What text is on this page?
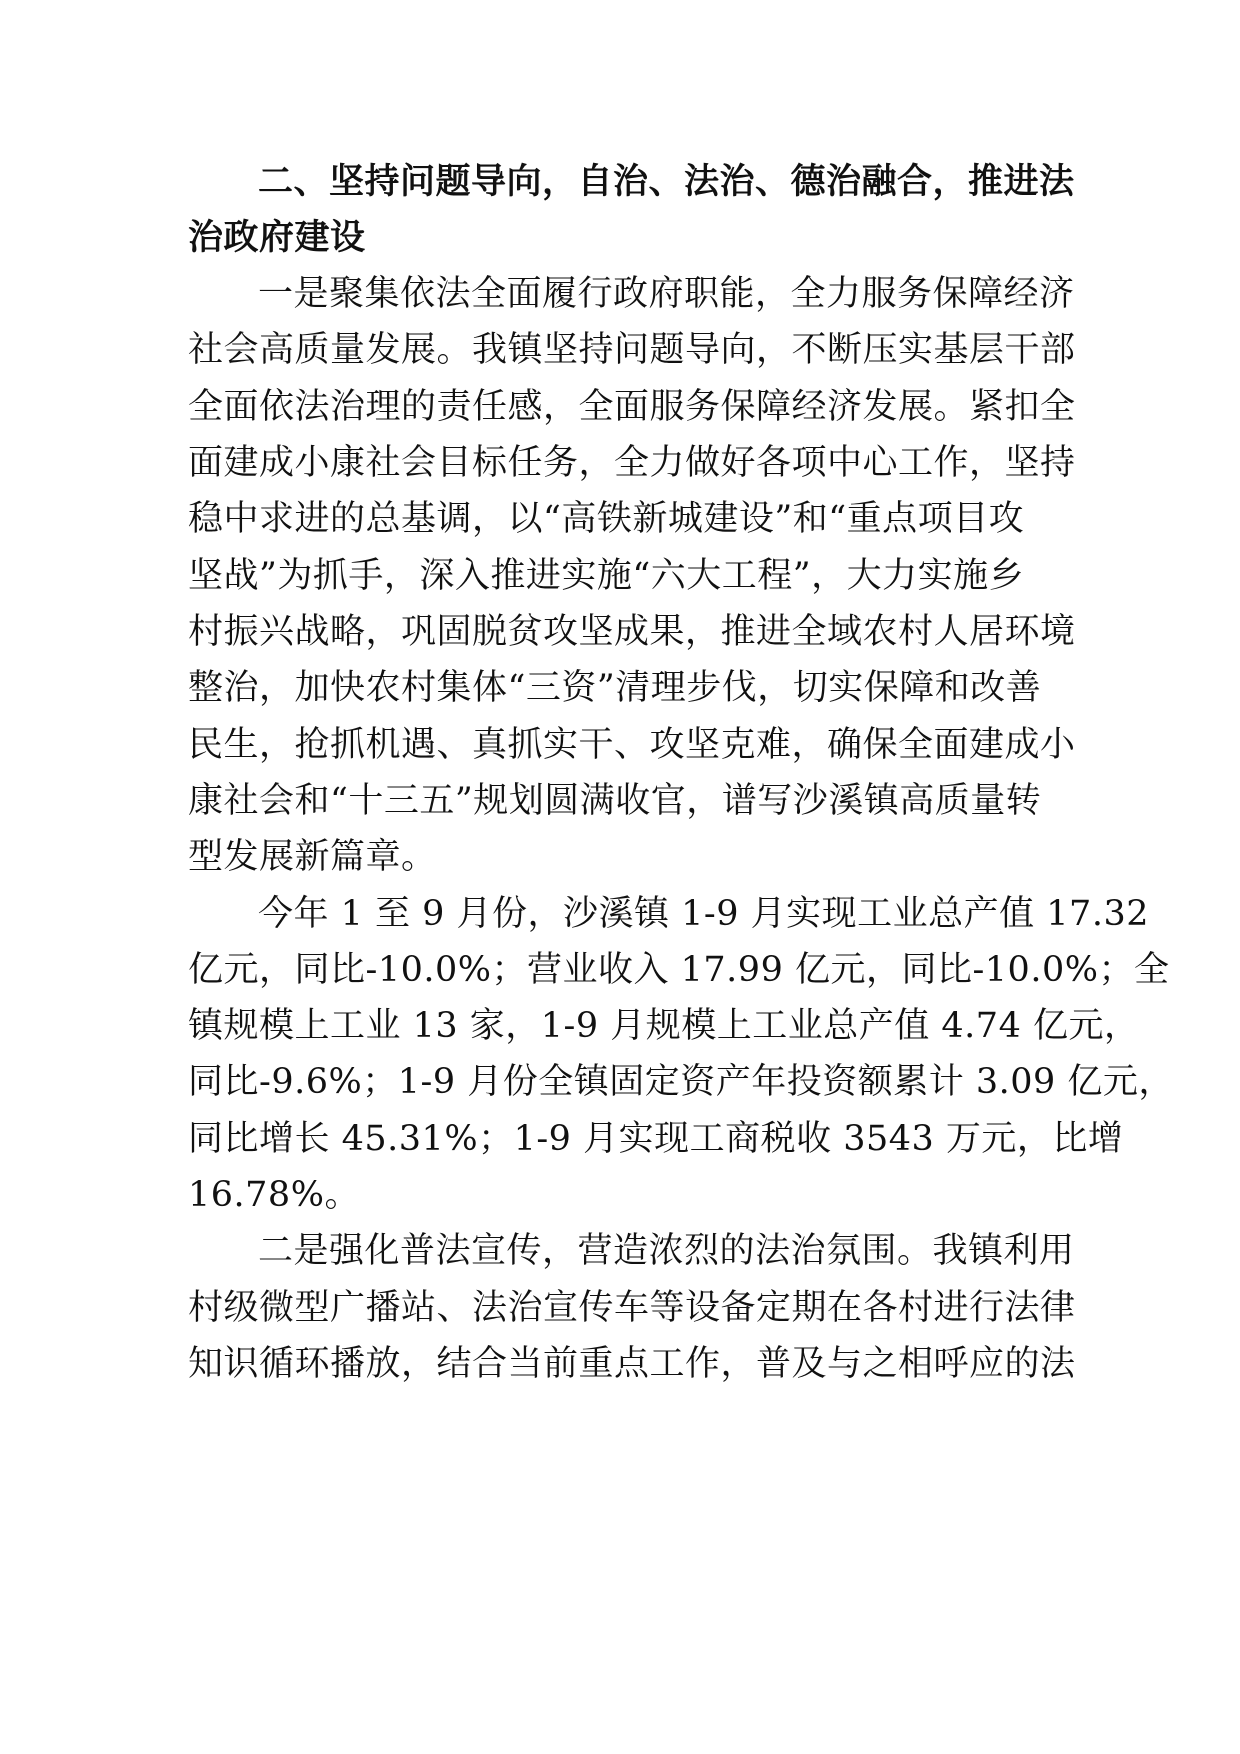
二、坚持问题导向，自治、法治、德治融合，推进法
治政府建设
一是聚集依法全面履行政府职能，全力服务保障经济
社会高质量发展。我镇坚持问题导向，不断压实基层干部
全面依法治理的责任感，全面服务保障经济发展。紧扣全
面建成小康社会目标任务，全力做好各项中心工作，坚持
稳中求进的总基调，以“高铁新城建设”和“重点项目攻
坚战”为抓手，深入推进实施“六大工程”，大力实施乡
村振兴战略，巩固脱贫攻坚成果，推进全域农村人居环境
整治，加快农村集体“三资”清理步伐，切实保障和改善
民生，抢抓机遇、真抓实干、攻坚克难，确保全面建成小
康社会和“十三五”规划圆满收官，谱写沙溪镇高质量转
型发展新篇章。
今年 1 至 9 月份，沙溪镇 1-9 月实现工业总产值 17.32
亿元，同比-10.0%；营业收入 17.99 亿元，同比-10.0%；全
镇规模上工业 13 家，1-9 月规模上工业总产值 4.74 亿元，
同比-9.6%；1-9 月份全镇固定资产年投资额累计 3.09 亿元，
同比增长 45.31%；1-9 月实现工商税收 3543 万元，比增
16.78%。
二是强化普法宣传，营造浓烈的法治氛围。我镇利用
村级微型广播站、法治宣传车等设备定期在各村进行法律
知识循环播放，结合当前重点工作，普及与之相呼应的法
